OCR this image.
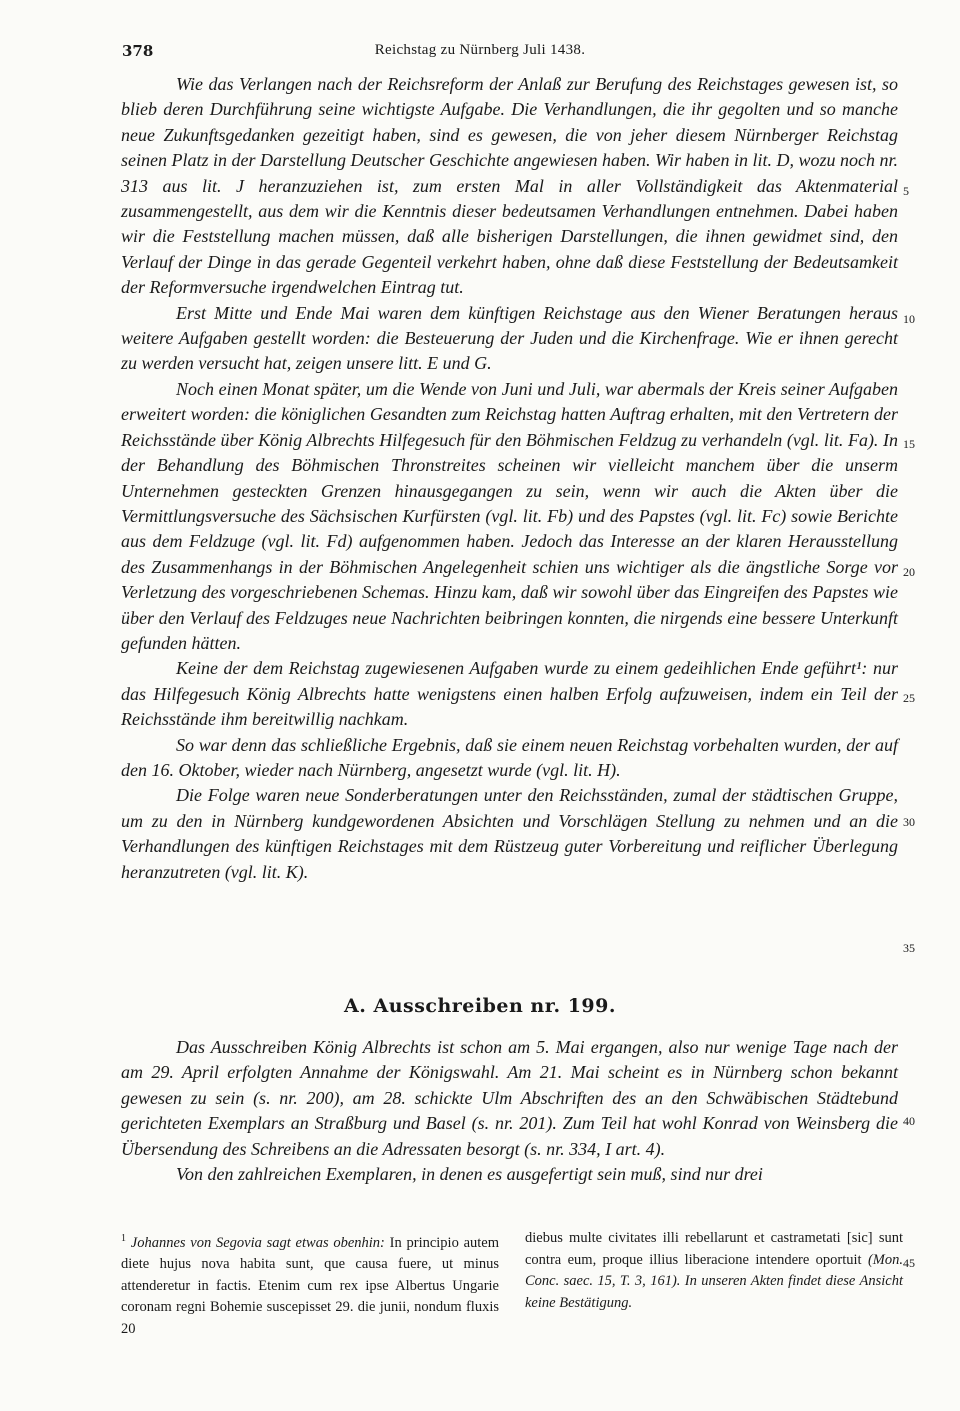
378	Reichstag zu Nürnberg Juli 1438.

Wie das Verlangen nach der Reichsreform der Anlaß zur Berufung des Reichstages gewesen ist, so blieb deren Durchführung seine wichtigste Aufgabe. Die Verhandlungen, die ihr gegolten und so manche neue Zukunftsgedanken gezeitigt haben, sind es gewesen, die von jeher diesem Nürnberger Reichstag seinen Platz in der Darstellung Deutscher Geschichte angewiesen haben. Wir haben in lit. D, wozu noch nr. 313 aus lit. J heranzuziehen ist, zum ersten Mal in aller Vollständigkeit das Aktenmaterial zusammengestellt, aus dem wir die Kenntnis dieser bedeutsamen Verhandlungen entnehmen. Dabei haben wir die Feststellung machen müssen, daß alle bisherigen Darstellungen, die ihnen gewidmet sind, den Verlauf der Dinge in das gerade Gegenteil verkehrt haben, ohne daß diese Feststellung der Bedeutsamkeit der Reformversuche irgendwelchen Eintrag tut.

Erst Mitte und Ende Mai waren dem künftigen Reichstage aus den Wiener Beratungen heraus weitere Aufgaben gestellt worden: die Besteuerung der Juden und die Kirchenfrage. Wie er ihnen gerecht zu werden versucht hat, zeigen unsere litt. E und G.

Noch einen Monat später, um die Wende von Juni und Juli, war abermals der Kreis seiner Aufgaben erweitert worden: die königlichen Gesandten zum Reichstag hatten Auftrag erhalten, mit den Vertretern der Reichsstände über König Albrechts Hilfegesuch für den Böhmischen Feldzug zu verhandeln (vgl. lit. Fa). In der Behandlung des Böhmischen Thronstreites scheinen wir vielleicht manchem über die unserm Unternehmen gesteckten Grenzen hinausgegangen zu sein, wenn wir auch die Akten über die Vermittlungsversuche des Sächsischen Kurfürsten (vgl. lit. Fb) und des Papstes (vgl. lit. Fc) sowie Berichte aus dem Feldzuge (vgl. lit. Fd) aufgenommen haben. Jedoch das Interesse an der klaren Herausstellung des Zusammenhangs in der Böhmischen Angelegenheit schien uns wichtiger als die ängstliche Sorge vor Verletzung des vorgeschriebenen Schemas. Hinzu kam, daß wir sowohl über das Eingreifen des Papstes wie über den Verlauf des Feldzuges neue Nachrichten beibringen konnten, die nirgends eine bessere Unterkunft gefunden hätten.

Keine der dem Reichstag zugewiesenen Aufgaben wurde zu einem gedeihlichen Ende geführt¹: nur das Hilfegesuch König Albrechts hatte wenigstens einen halben Erfolg aufzuweisen, indem ein Teil der Reichsstände ihm bereitwillig nachkam.

So war denn das schließliche Ergebnis, daß sie einem neuen Reichstag vorbehalten wurden, der auf den 16. Oktober, wieder nach Nürnberg, angesetzt wurde (vgl. lit. H).

Die Folge waren neue Sonderberatungen unter den Reichsständen, zumal der städtischen Gruppe, um zu den in Nürnberg kundgewordenen Absichten und Vorschlägen Stellung zu nehmen und an die Verhandlungen des künftigen Reichstages mit dem Rüstzeug guter Vorbereitung und reiflicher Überlegung heranzutreten (vgl. lit. K).

A. Ausschreiben nr. 199.

Das Ausschreiben König Albrechts ist schon am 5. Mai ergangen, also nur wenige Tage nach der am 29. April erfolgten Annahme der Königswahl. Am 21. Mai scheint es in Nürnberg schon bekannt gewesen zu sein (s. nr. 200), am 28. schickte Ulm Abschriften des an den Schwäbischen Städtebund gerichteten Exemplars an Straßburg und Basel (s. nr. 201). Zum Teil hat wohl Konrad von Weinsberg die Übersendung des Schreibens an die Adressaten besorgt (s. nr. 334, I art. 4).

Von den zahlreichen Exemplaren, in denen es ausgefertigt sein muß, sind nur drei

5
10
15
20
25
30
35
40
$^1$ Johannes von Segovia sagt etwas obenhin: In principio autem diete hujus nova habita sunt, que causa fuere, ut minus attenderetur in factis. Etenim cum rex ipse Albertus Ungarie coronam regni Bohemie suscepisset 29. die junii, nondum fluxis 20
diebus multe civitates illi rebellarunt et castrametati [sic] sunt contra eum, proque illius liberacione intendere oportuit (Mon. Conc. saec. 15, T. 3, 161). In unseren Akten findet diese Ansicht keine Bestätigung.
45
